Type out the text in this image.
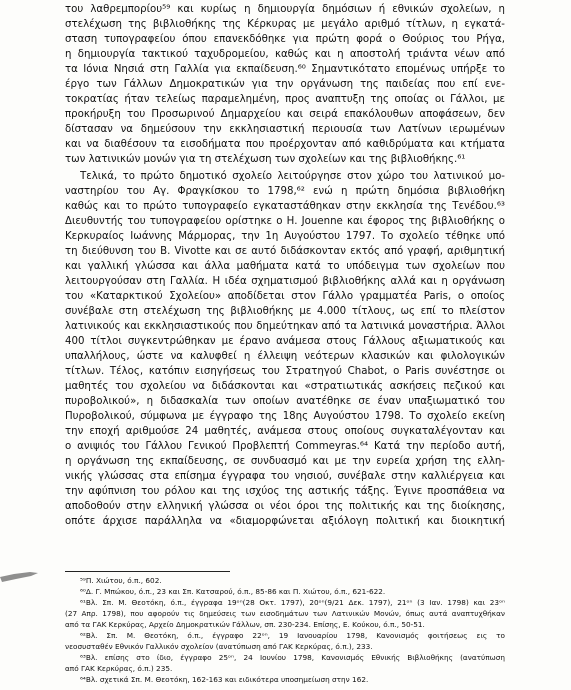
του λαθρεμπορίου⁵⁹ και κυρίως η δημιουργία δημόσιων ή εθνικών σχολείων, η
στελέχωση της βιβλιοθήκης της Κέρκυρας με μεγάλο αριθμό τίτλων, η εγκατά-
σταση τυπογραφείου όπου επανεκδόθηκε για πρώτη φορά ο Θούριος του Ρήγα,
η δημιουργία τακτικού ταχυδρομείου, καθώς και η αποστολή τριάντα νέων από
τα Ιόνια Νησιά στη Γαλλία για εκπαίδευση.⁶⁰ Σημαντικότατο επομένως υπήρξε το
έργο των Γάλλων Δημοκρατικών για την οργάνωση της παιδείας που επί ενε-
τοκρατίας ήταν τελείως παραμελημένη, προς αναπτυξη της οποίας οι Γάλλοι, με
προκήρυξη του Προσωρινού Δημαρχείου και σειρά επακόλουθων αποφάσεων, δεν
δίστασαν να δημεύσουν την εκκλησιαστική περιουσία των Λατίνων ιερωμένων
και να διαθέσουν τα εισοδήματα που προέρχονταν από καθιδρύματα και κτήματα
των λατινικών μονών για τη στελέχωση των σχολείων και της βιβλιοθήκης.⁶¹
Τελικά, το πρώτο δημοτικό σχολείο λειτούργησε στον χώρο του λατινικού μο-
ναστηρίου του Αγ. Φραγκίσκου το 1798,⁶² ενώ η πρώτη δημόσια βιβλιοθήκη
καθώς και το πρώτο τυπογραφείο εγκαταστάθηκαν στην εκκλησία της Τενέδου.⁶³
Διευθυντής του τυπογραφείου ορίστηκε ο Η. Jouenne και έφορος της βιβλιοθήκης ο
Κερκυραίος Ιωάννης Μάρμορας, την 1η Αυγούστου 1797. Το σχολείο τέθηκε υπό
τη διεύθυνση του Β. Vivotte και σε αυτό διδάσκονταν εκτός από γραφή, αριθμητική
και γαλλική γλώσσα και άλλα μαθήματα κατά το υπόδειγμα των σχολείων που
λειτουργούσαν στη Γαλλία. Η ιδέα σχηματισμού βιβλιοθήκης αλλά και η οργάνωση
του «Καταρκτικού Σχολείου» αποδίδεται στον Γάλλο γραμματέα Paris, ο οποίος
συνέβαλε στη στελέχωση της βιβλιοθήκης με 4.000 τίτλους, ως επί το πλείστον
λατινικούς και εκκλησιαστικούς που δημεύτηκαν από τα λατινικά μοναστήρια. Άλλοι
400 τίτλοι συγκεντρώθηκαν με έρανο ανάμεσα στους Γάλλους αξιωματικούς και
υπαλλήλους, ώστε να καλυφθεί η έλλειψη νεότερων κλασικών και φιλολογικών
τίτλων. Τέλος, κατόπιν εισηγήσεως του Στρατηγού Chabot, ο Paris συνέστησε οι
μαθητές του σχολείου να διδάσκονται και «στρατιωτικάς ασκήσεις πεζικού και
πυροβολικού», η διδασκαλία των οποίων ανατέθηκε σε έναν υπαξιωματικό του
Πυροβολικού, σύμφωνα με έγγραφο της 18ης Αυγούστου 1798. Το σχολείο εκείνη
την εποχή αριθμούσε 24 μαθητές, ανάμεσα στους οποίους συγκαταλέγονταν και
ο ανιψιός του Γάλλου Γενικού Προβλεπτή Commeyras.⁶⁴ Κατά την περίοδο αυτή,
η οργάνωση της εκπαίδευσης, σε συνδυασμό και με την ευρεία χρήση της ελλη-
νικής γλώσσας στα επίσημα έγγραφα του νησιού, συνέβαλε στην καλλιέργεια και
την αφύπνιση του ρόλου και της ισχύος της αστικής τάξης. Έγινε προσπάθεια να
αποδοθούν στην ελληνική γλώσσα οι νέοι όροι της πολιτικής και της διοίκησης,
οπότε άρχισε παράλληλα να «διαμορφώνεται αξιόλογη πολιτική και διοικητική
⁵⁹Π. Χιώτου, ό.π., 602.
⁶⁰Δ. Γ. Μπώκου, ό.π., 23 και Σπ. Κατσαρού, ό.π., 85-86 και Π. Χιώτου, ό.π., 621-622.
⁶¹Βλ. Σπ. Μ. Θεοτόκη, ό.π., έγγραφα 19ᵒⁿ(28 Οκτ. 1797), 20ᵒⁿ(9/21 Δεκ. 1797), 21ᵒⁿ (3 Ιαν. 1798) και 23ᵒⁿ
(27 Απρ. 1798), που αφορούν τις δημεύσεις των εισοδημάτων των Λατινικών Μονών, όπως αυτά αναπτυχθήκαν
από τα ΓΑΚ Κερκύρας, Αρχείο Δημοκρατικών Γάλλων, σπ. 230-234. Επίσης, Ε. Κούκου, ό.π., 50-51.
⁶²Βλ. Σπ. Μ. Θεοτόκη, ό.π., έγγραφο 22ᵒⁿ, 19 Ιανουαρίου 1798, Κανονισμός φοιτήσεως εις το
νεοσυσταθέν Εθνικόν Γαλλικόν σχολείον (ανατύπωση από ΓΑΚ Κερκύρας, ό.π.), 233.
⁶³Βλ. επίσης στο ίδιο, έγγραφο 25ᵒⁿ, 24 Ιουνίου 1798, Κανονισμός Εθνικής Βιβλιοθήκης (ανατύπωση
από ΓΑΚ Κερκύρας, ό.π.) 235.
⁶⁴Βλ. σχετικά Σπ. Μ. Θεοτόκη, 162-163 και ειδικότερα υποσημείωση στην 162.
